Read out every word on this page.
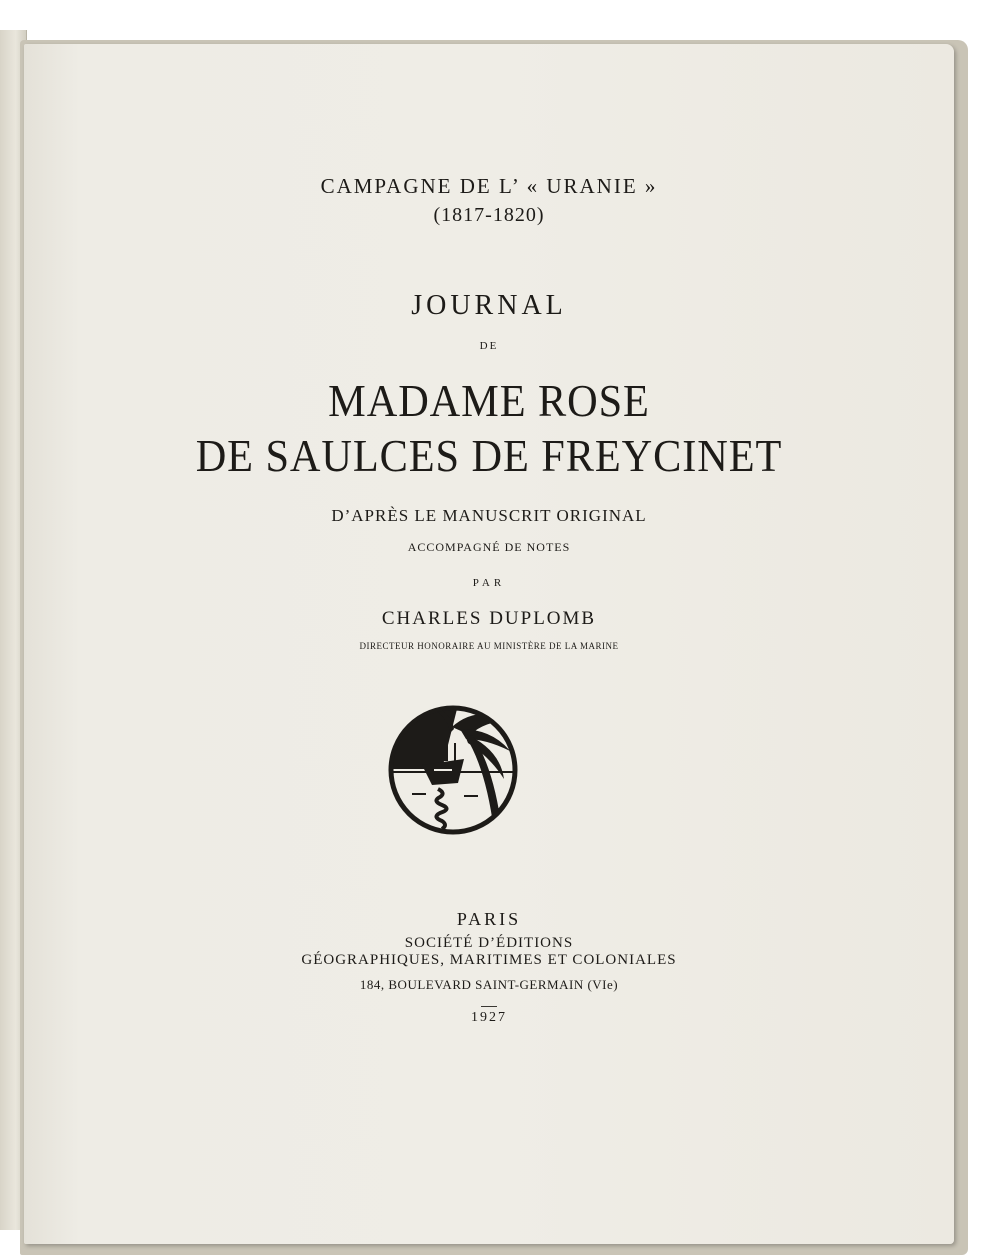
CAMPAGNE DE L’ « URANIE »
(1817-1820)
JOURNAL
DE
MADAME ROSE
DE SAULCES DE FREYCINET
D’APRÈS LE MANUSCRIT ORIGINAL
ACCOMPAGNÉ DE NOTES
PAR
CHARLES DUPLOMB
DIRECTEUR HONORAIRE AU MINISTÈRE DE LA MARINE
PARIS
SOCIÉTÉ D’ÉDITIONS
GÉOGRAPHIQUES, MARITIMES ET COLONIALES
184, BOULEVARD SAINT-GERMAIN (VIe)
1927
